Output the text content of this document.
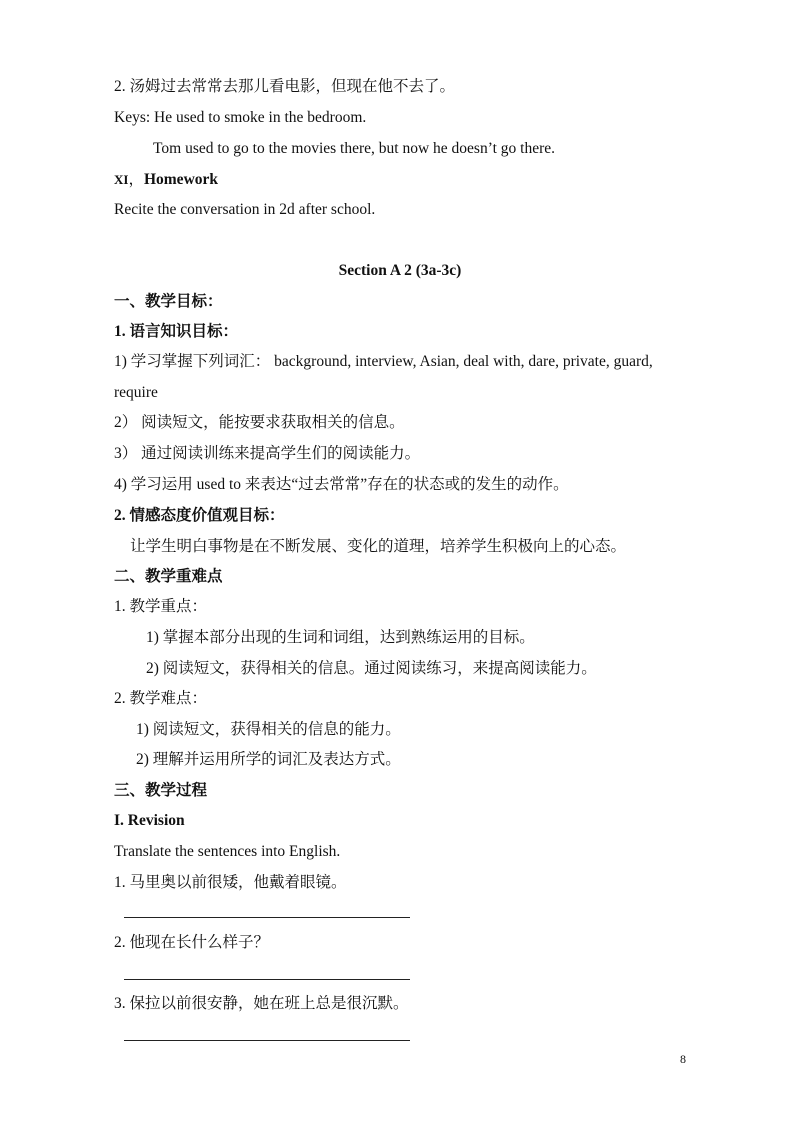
2. 汤姆过去常常去那儿看电影，但现在他不去了。
Keys: He used to smoke in the bedroom.
Tom used to go to the movies there, but now he doesn’t go there.
XI，Homework
Recite the conversation in 2d after school.
Section A 2 (3a-3c)
一、教学目标：
1. 语言知识目标：
1) 学习掌握下列词汇： background, interview, Asian, deal with, dare, private, guard,
require
2） 阅读短文，能按要求获取相关的信息。
3） 通过阅读训练来提高学生们的阅读能力。
4) 学习运用 used to 来表达“过去常常”存在的状态或的发生的动作。
2. 情感态度价值观目标：
让学生明白事物是在不断发展、变化的道理，培养学生积极向上的心态。
二、教学重难点
1. 教学重点：
1) 掌握本部分出现的生词和词组，达到熟练运用的目标。
2) 阅读短文，获得相关的信息。通过阅读练习，来提高阅读能力。
2. 教学难点：
1) 阅读短文，获得相关的信息的能力。
2) 理解并运用所学的词汇及表达方式。
三、教学过程
I. Revision
Translate the sentences into English.
1. 马里奥以前很矮，他戴着眼镜。
2. 他现在长什么样子？
3. 保拉以前很安静，她在班上总是很沉默。
8
